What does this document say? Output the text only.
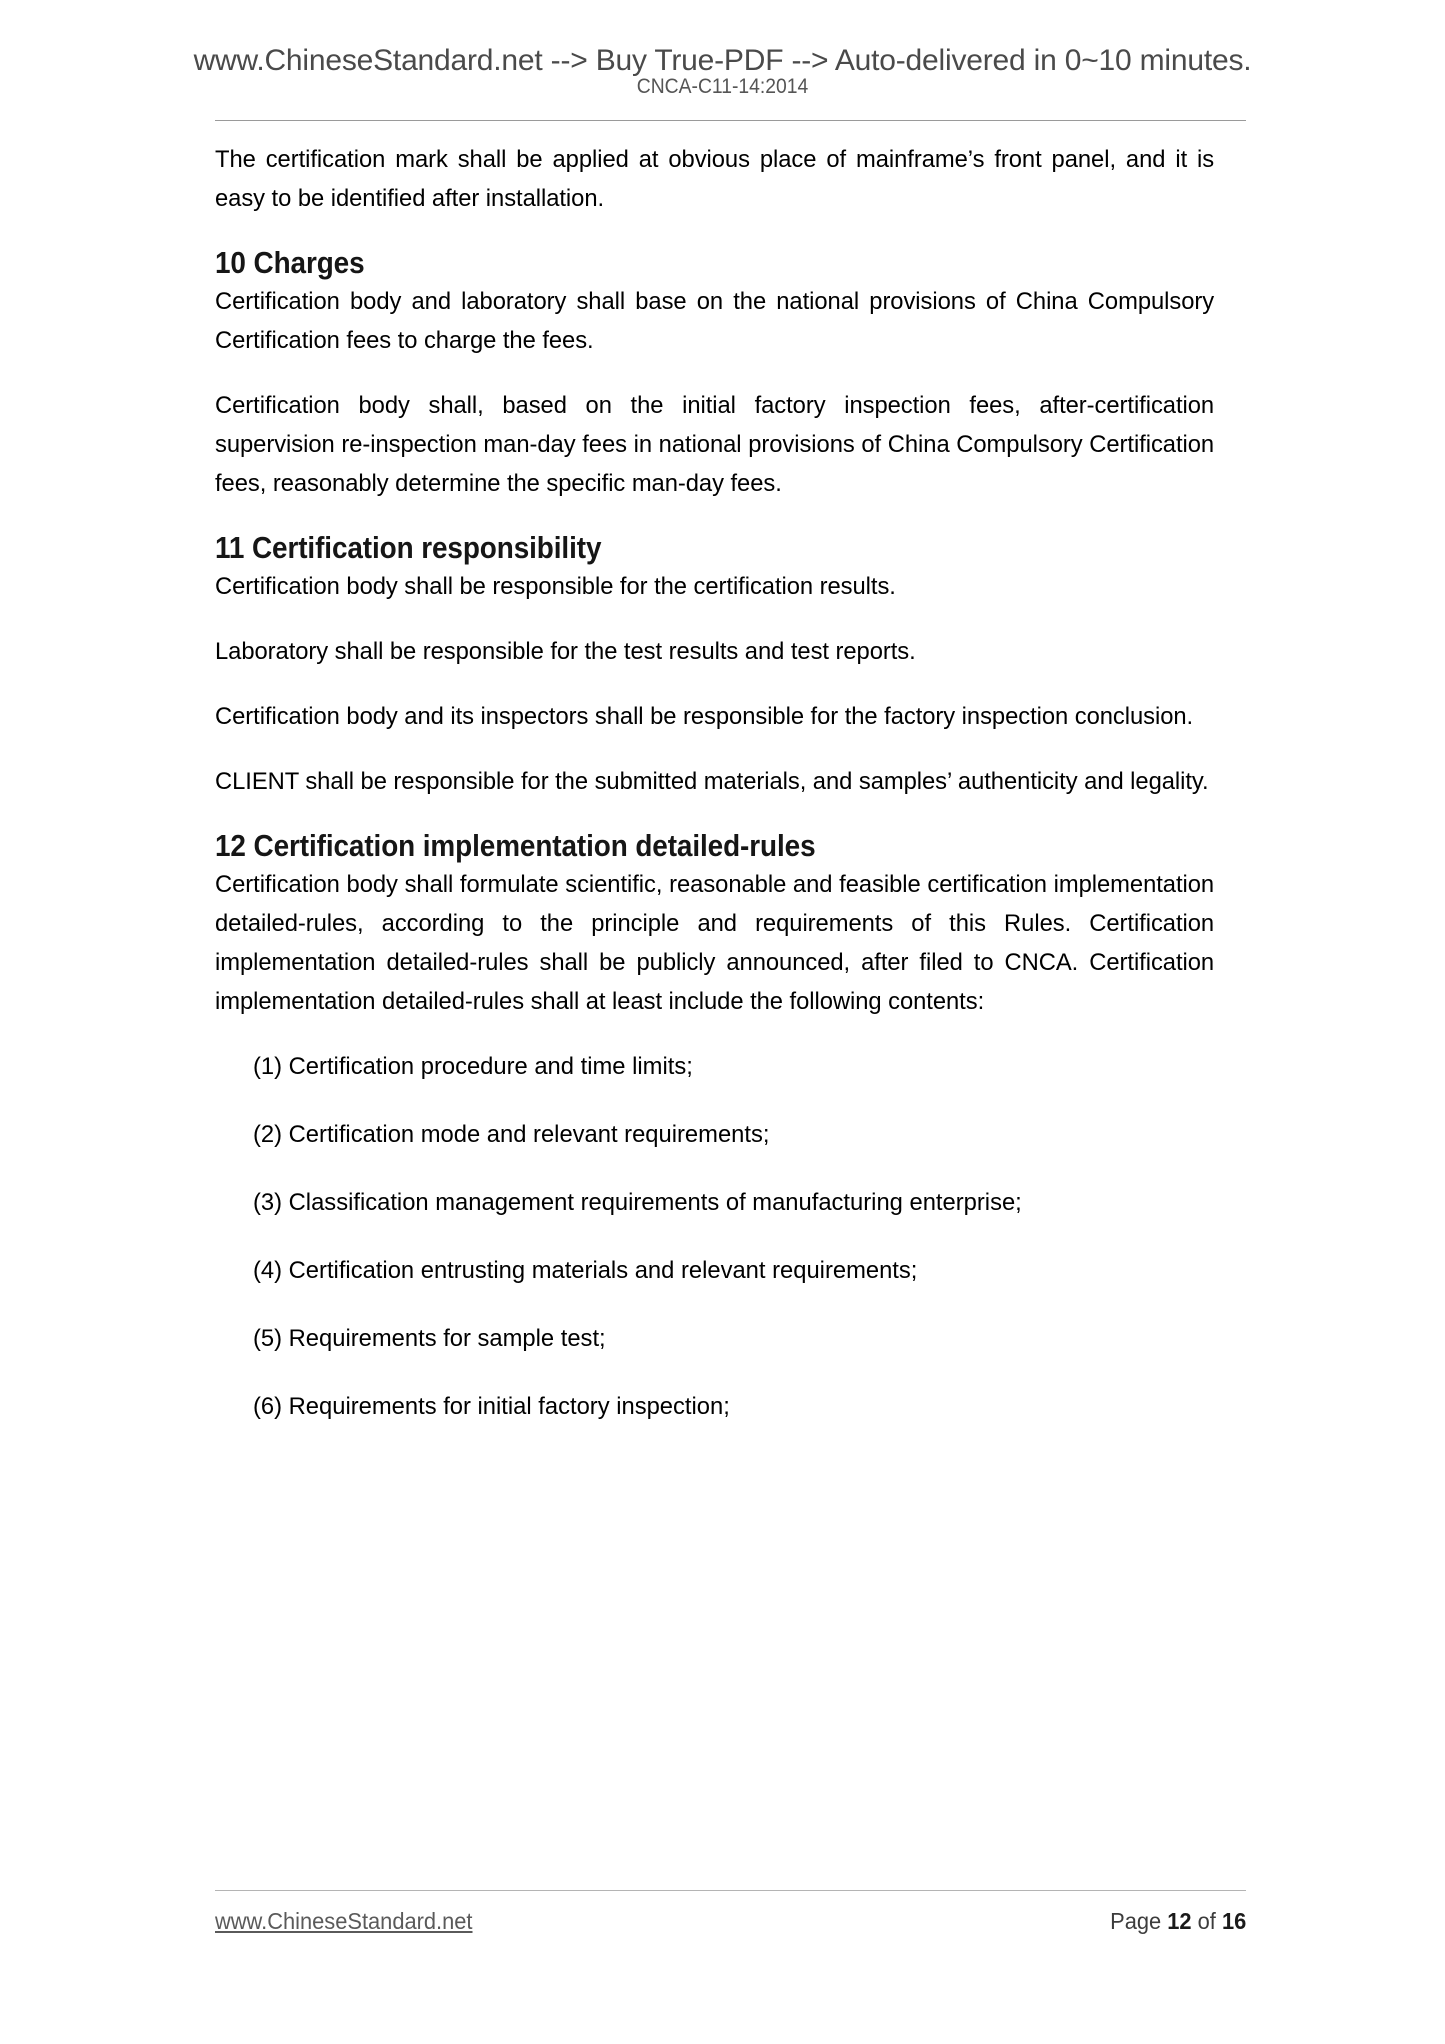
www.ChineseStandard.net --> Buy True-PDF --> Auto-delivered in 0~10 minutes.
CNCA-C11-14:2014

The certification mark shall be applied at obvious place of mainframe’s front panel, and it is easy to be identified after installation.

10 Charges

Certification body and laboratory shall base on the national provisions of China Compulsory Certification fees to charge the fees.

Certification body shall, based on the initial factory inspection fees, after-certification supervision re-inspection man-day fees in national provisions of China Compulsory Certification fees, reasonably determine the specific man-day fees.

11 Certification responsibility

Certification body shall be responsible for the certification results.

Laboratory shall be responsible for the test results and test reports.

Certification body and its inspectors shall be responsible for the factory inspection conclusion.

CLIENT shall be responsible for the submitted materials, and samples’ authenticity and legality.

12 Certification implementation detailed-rules

Certification body shall formulate scientific, reasonable and feasible certification implementation detailed-rules, according to the principle and requirements of this Rules. Certification implementation detailed-rules shall be publicly announced, after filed to CNCA. Certification implementation detailed-rules shall at least include the following contents:

(1) Certification procedure and time limits;
(2) Certification mode and relevant requirements;
(3) Classification management requirements of manufacturing enterprise;
(4) Certification entrusting materials and relevant requirements;
(5) Requirements for sample test;
(6) Requirements for initial factory inspection;
www.ChineseStandard.net	Page 12 of 16
